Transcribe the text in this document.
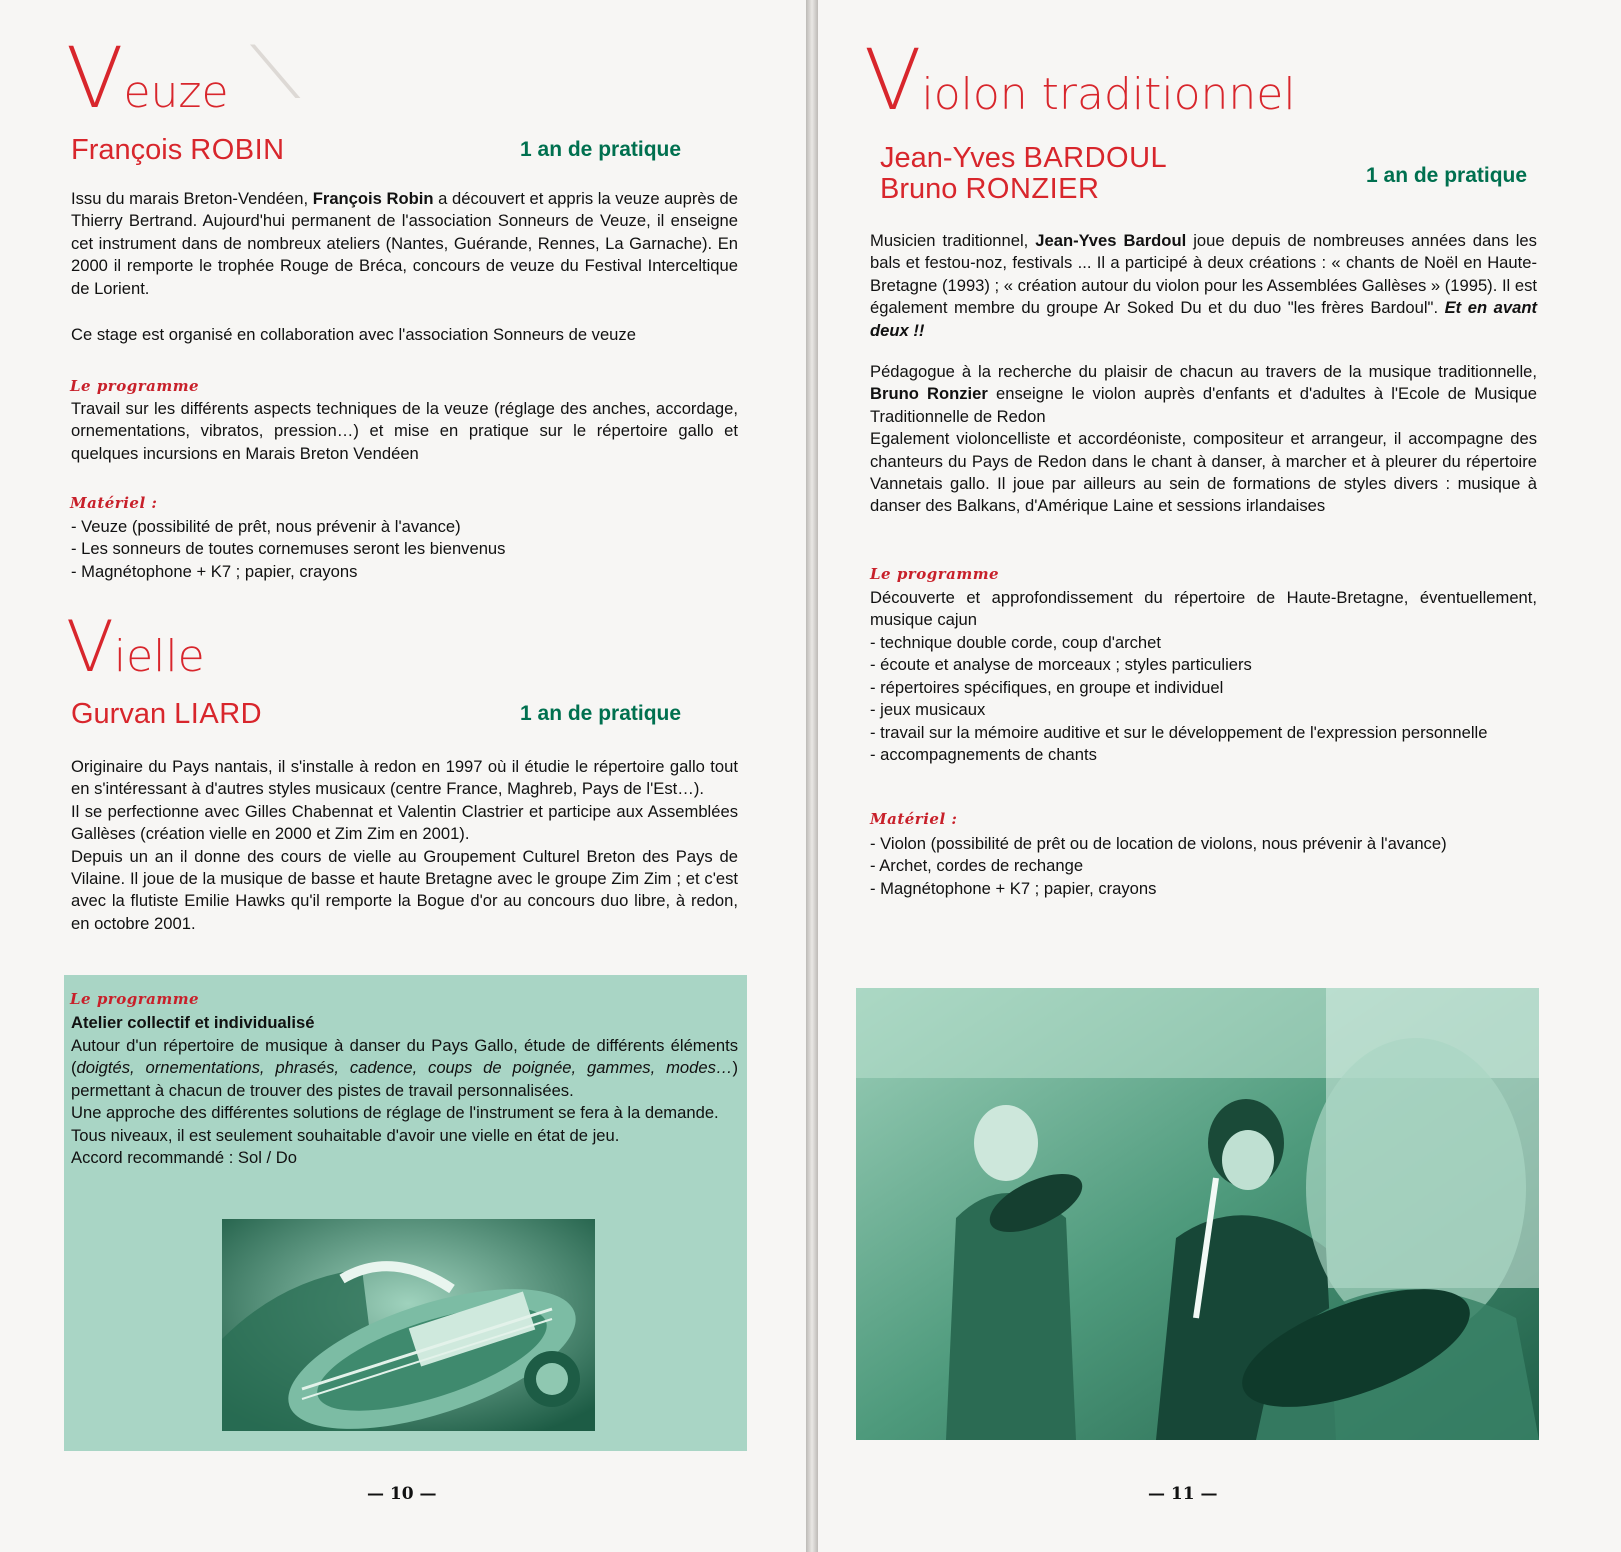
⟋
Veuze
François ROBIN	1 an de pratique

Issu du marais Breton-Vendéen, François Robin a découvert et appris la veuze auprès de Thierry Bertrand. Aujourd'hui permanent de l'association Sonneurs de Veuze, il enseigne cet instrument dans de nombreux ateliers (Nantes, Guérande, Rennes, La Garnache). En 2000 il remporte le trophée Rouge de Bréca, concours de veuze du Festival Interceltique de Lorient.

Ce stage est organisé en collaboration avec l'association Sonneurs de veuze

Le programme

Travail sur les différents aspects techniques de la veuze (réglage des anches, accordage, ornementations, vibratos, pression…) et mise en pratique sur le répertoire gallo et quelques incursions en Marais Breton Vendéen

Matériel :
- Veuze (possibilité de prêt, nous prévenir à l'avance)
- Les sonneurs de toutes cornemuses seront les bienvenus
- Magnétophone + K7 ; papier, crayons
Vielle
Gurvan LIARD	1 an de pratique

Originaire du Pays nantais, il s'installe à redon en 1997 où il étudie le répertoire gallo tout en s'intéressant à d'autres styles musicaux (centre France, Maghreb, Pays de l'Est…).

Il se perfectionne avec Gilles Chabennat et Valentin Clastrier et participe aux Assemblées Gallèses (création vielle en 2000 et Zim Zim en 2001).

Depuis un an il donne des cours de vielle au Groupement Culturel Breton des Pays de Vilaine. Il joue de la musique de basse et haute Bretagne avec le groupe Zim Zim ; et c'est avec la flutiste Emilie Hawks qu'il remporte la Bogue d'or au concours duo libre, à redon, en octobre 2001.

Le programme
Atelier collectif et individualisé

Autour d'un répertoire de musique à danser du Pays Gallo, étude de différents éléments (doigtés, ornementations, phrasés, cadence, coups de poignée, gammes, modes…) permettant à chacun de trouver des pistes de travail personnalisées.

Une approche des différentes solutions de réglage de l'instrument se fera à la demande.

Tous niveaux, il est seulement souhaitable d'avoir une vielle en état de jeu.

Accord recommandé : Sol / Do

— 10 —
Violon traditionnel
Jean-Yves BARDOUL
Bruno RONZIER	1 an de pratique

Musicien traditionnel, Jean-Yves Bardoul joue depuis de nombreuses années dans les bals et festou-noz, festivals ... Il a participé à deux créations : « chants de Noël en Haute-Bretagne (1993) ; « création autour du violon pour les Assemblées Gallèses » (1995). Il est également membre du groupe Ar Soked Du et du duo "les frères Bardoul". Et en avant deux !!

Pédagogue à la recherche du plaisir de chacun au travers de la musique traditionnelle, Bruno Ronzier enseigne le violon auprès d'enfants et d'adultes à l'Ecole de Musique Traditionnelle de Redon

Egalement violoncelliste et accordéoniste, compositeur et arrangeur, il accompagne des chanteurs du Pays de Redon dans le chant à danser, à marcher et à pleurer du répertoire Vannetais gallo. Il joue par ailleurs au sein de formations de styles divers : musique à danser des Balkans, d'Amérique Laine et sessions irlandaises

Le programme

Découverte et approfondissement du répertoire de Haute-Bretagne, éventuellement, musique cajun

- technique double corde, coup d'archet
- écoute et analyse de morceaux ; styles particuliers
- répertoires spécifiques, en groupe et individuel
- jeux musicaux
- travail sur la mémoire auditive et sur le développement de l'expression personnelle
- accompagnements de chants
Matériel :
- Violon (possibilité de prêt ou de location de violons, nous prévenir à l'avance)
- Archet, cordes de rechange
- Magnétophone + K7 ; papier, crayons
— 11 —
